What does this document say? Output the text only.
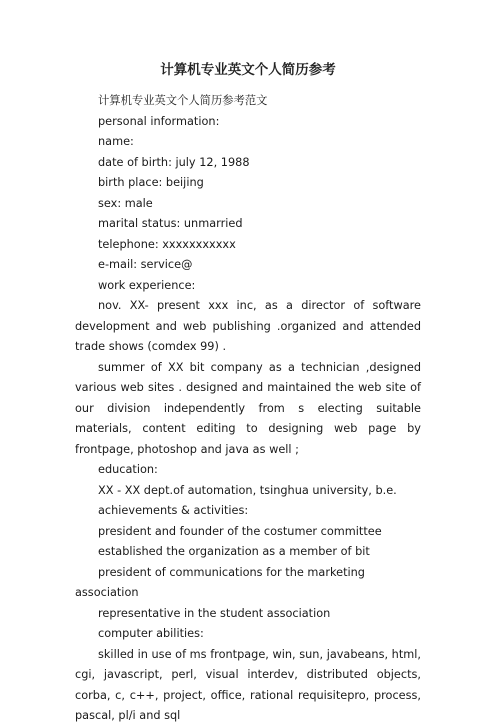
计算机专业英文个人简历参考

计算机专业英文个人简历参考范文

personal information:

name:

date of birth: july 12, 1988

birth place: beijing

sex: male

marital status: unmarried

telephone: xxxxxxxxxxx

e-mail: service@

work experience:

nov. XX- present xxx inc, as a director of software development and web publishing .organized and attended trade shows (comdex 99) .

summer of XX bit company as a technician ,designed various web sites . designed and maintained the web site of our division independently from s electing suitable materials, content editing to designing web page by frontpage, photoshop and java as well ;

education:

XX - XX dept.of automation, tsinghua university, b.e.

achievements & activities:

president and founder of the costumer committee

established the organization as a member of bit

president of communications for the marketing association

representative in the student association

computer abilities:

skilled in use of ms frontpage, win, sun, javabeans, html, cgi, javascript, perl, visual interdev, distributed objects, corba, c, c++, project, office, rational requisitepro, process, pascal, pl/i and sql
